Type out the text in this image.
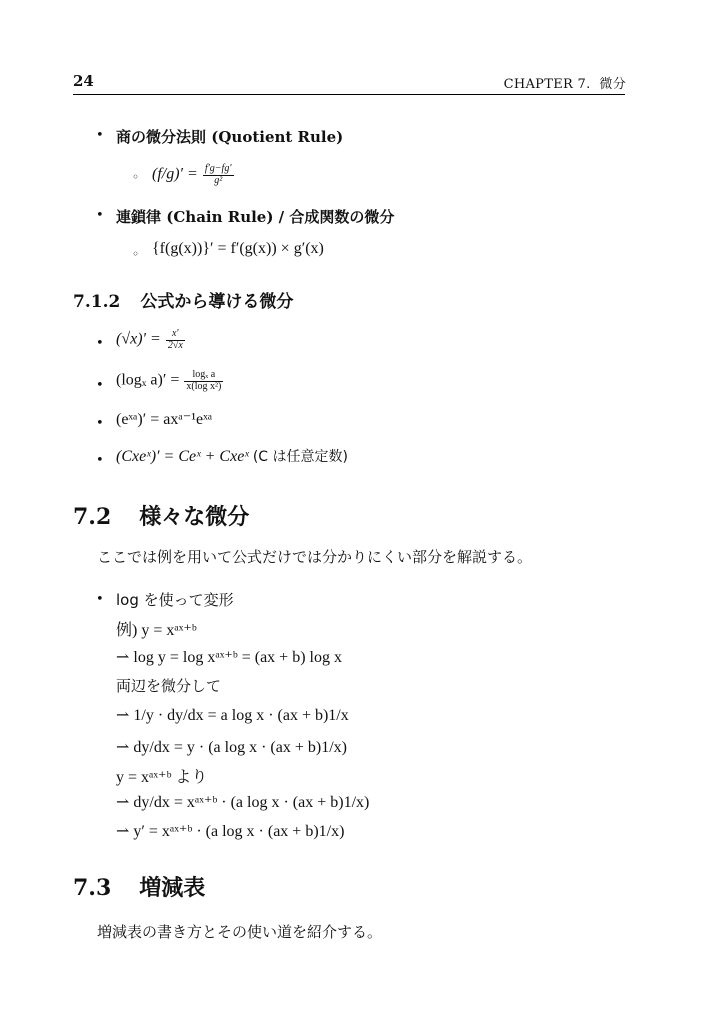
24	CHAPTER 7. 微分
• 商の微分法則 (Quotient Rule)
◦ $(f/g)' = \frac{f'g-fg'}{\text{g²}}$
• 連鎖律 (Chain Rule) / 合成関数の微分
◦ {f(g(x))}′ = f′(g(x)) × g′(x)
7.1.2 公式から導ける微分
• $(√x)' = \frac{x'}{2√x}$
• (logₓ $a)' = \frac{\text{logₓ a}}{\text{x(log x²)}}$
• (eˣᵃ)′ = axᵃ⁻¹eˣᵃ
• (Cxeˣ)′ = Ceˣ + Cxeˣ (C は任意定数)
7.2 様々な微分
ここでは例を用いて公式だけでは分かりにくい部分を解説する。
• log を使って変形
例) y = xᵃˣ⁺ᵇ
⇀ log y = log xᵃˣ⁺ᵇ = (ax + b) log x
両辺を微分して
⇀ 1/y · dy/dx = a log x · (ax + b)1/x
⇀ dy/dx = y · (a log x · (ax + b)1/x)
y = xᵃˣ⁺ᵇ より
⇀ dy/dx = xᵃˣ⁺ᵇ · (a log x · (ax + b)1/x)
⇀ y′ = xᵃˣ⁺ᵇ · (a log x · (ax + b)1/x)
7.3 増減表
増減表の書き方とその使い道を紹介する。
